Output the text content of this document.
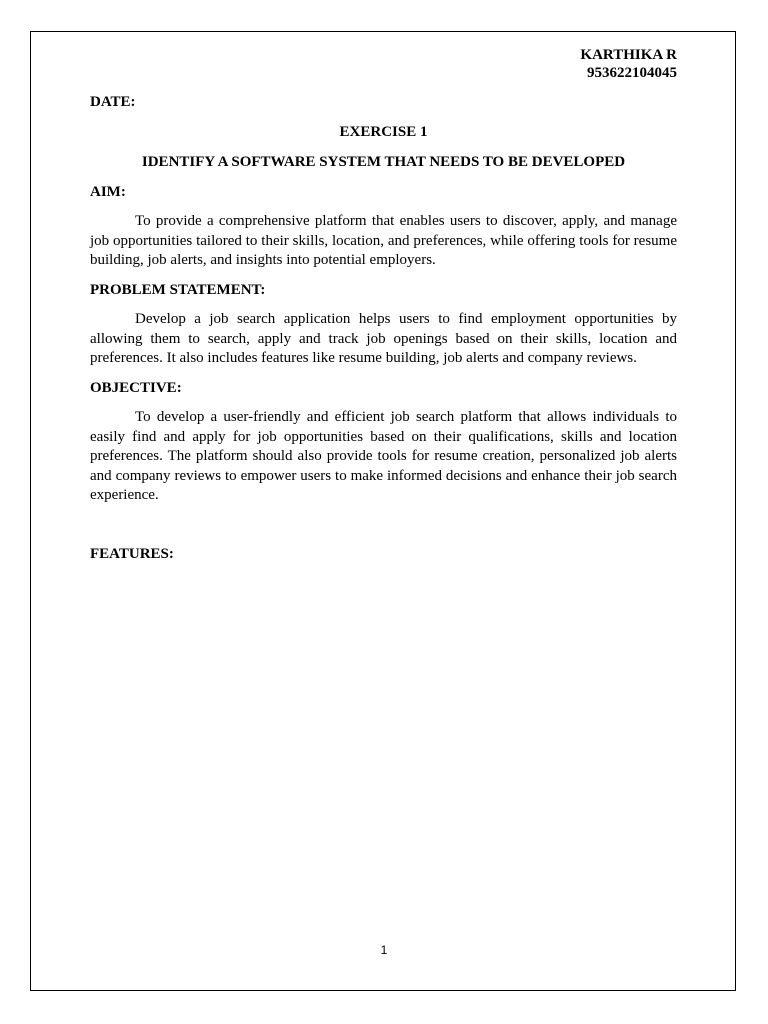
KARTHIKA R
953622104045

DATE:

EXERCISE 1
IDENTIFY A SOFTWARE SYSTEM THAT NEEDS TO BE DEVELOPED

AIM:

To provide a comprehensive platform that enables users to discover, apply, and manage job opportunities tailored to their skills, location, and preferences, while offering tools for resume building, job alerts, and insights into potential employers.

PROBLEM STATEMENT:

Develop a job search application helps users to find employment opportunities by allowing them to search, apply and track job openings based on their skills, location and preferences. It also includes features like resume building, job alerts and company reviews.

OBJECTIVE:

To develop a user-friendly and efficient job search platform that allows individuals to easily find and apply for job opportunities based on their qualifications, skills and location preferences. The platform should also provide tools for resume creation, personalized job alerts and company reviews to empower users to make informed decisions and enhance their job search experience.

FEATURES:

1
